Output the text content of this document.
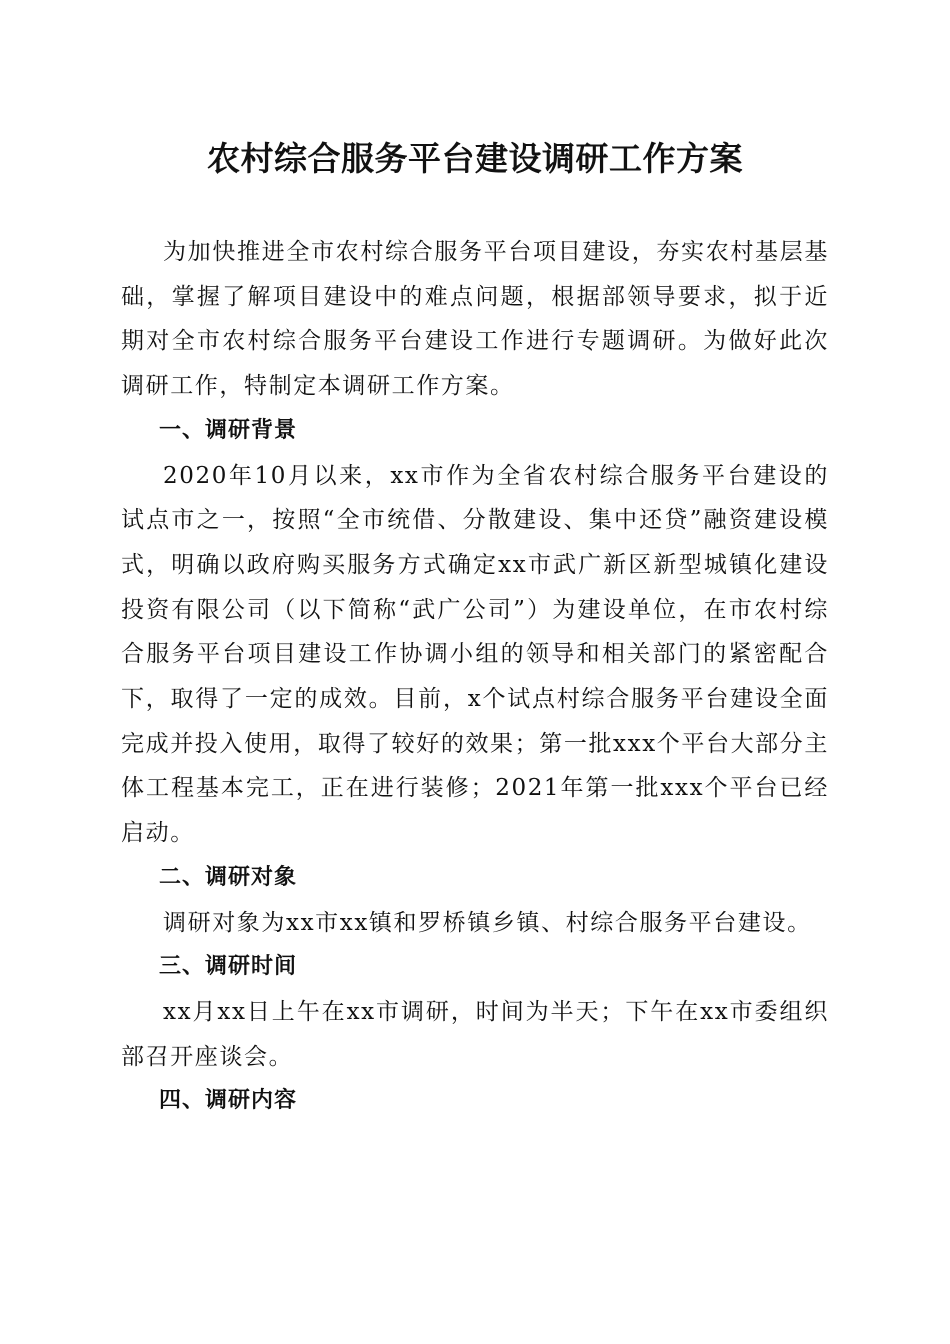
农村综合服务平台建设调研工作方案

为加快推进全市农村综合服务平台项目建设，夯实农村基层基础，掌握了解项目建设中的难点问题，根据部领导要求，拟于近期对全市农村综合服务平台建设工作进行专题调研。为做好此次调研工作，特制定本调研工作方案。

一、调研背景

2020年10月以来，xx市作为全省农村综合服务平台建设的试点市之一，按照“全市统借、分散建设、集中还贷”融资建设模式，明确以政府购买服务方式确定xx市武广新区新型城镇化建设投资有限公司（以下简称“武广公司”）为建设单位，在市农村综合服务平台项目建设工作协调小组的领导和相关部门的紧密配合下，取得了一定的成效。目前，x个试点村综合服务平台建设全面完成并投入使用，取得了较好的效果；第一批xxx个平台大部分主体工程基本完工，正在进行装修；2021年第一批xxx个平台已经启动。

二、调研对象

调研对象为xx市xx镇和罗桥镇乡镇、村综合服务平台建设。

三、调研时间

xx月xx日上午在xx市调研，时间为半天；下午在xx市委组织部召开座谈会。

四、调研内容
